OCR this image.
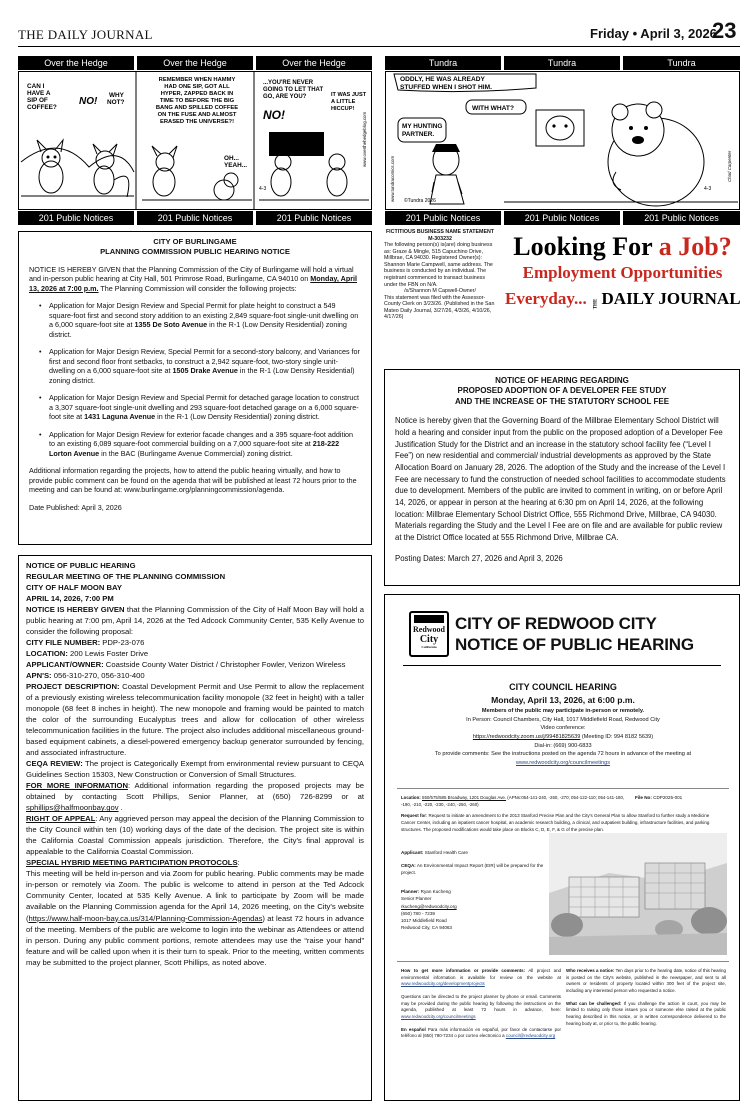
THE DAILY JOURNAL	Friday • April 3, 2026
23
Over the Hedge	Over the Hedge	Over the Hedge	Tundra	Tundra	Tundra
CAN I HAVE A SIP OF COFFEE?
NO!
WHY NOT?
REMEMBER WHEN HAMMY HAD ONE SIP, GOT ALL HYPER, ZAPPED BACK IN TIME TO BEFORE THE BIG BANG AND SPILLED COFFEE ON THE FUSE AND ALMOST ERASED THE UNIVERSE?!
OH... YEAH...
...YOU'RE NEVER GOING TO LET THAT GO, ARE YOU?
NO!
IT WAS JUST A LITTLE HICCUP!
4-3
www.overthehedgeblog.com
ODDLY, HE WAS ALREADY STUFFED WHEN I SHOT HIM.
WITH WHAT?
MY HUNTING PARTNER.
©Tundra 2026
4-3
Chad Carpenter
www.tundracomics.com
201 Public Notices	201 Public Notices	201 Public Notices	201 Public Notices	201 Public Notices	201 Public Notices

CITY OF BURLINGAME

PLANNING COMMISSION PUBLIC HEARING NOTICE

NOTICE IS HEREBY GIVEN that the Planning Commission of the City of Burlingame will hold a virtual and in-person public hearing at City Hall, 501 Primrose Road, Burlingame, CA 94010 on Monday, April 13, 2026 at 7:00 p.m. The Planning Commission will consider the following projects:

•	Application for Major Design Review and Special Permit for plate height to construct a 549 square-foot first and second story addition to an existing 2,849 square-foot single-unit dwelling on a 6,000 square-foot site at 1355 De Soto Avenue in the R-1 (Low Density Residential) zoning district.
•	Application for Major Design Review, Special Permit for a second-story balcony, and Variances for first and second floor front setbacks, to construct a 2,942 square-foot, two-story single unit-dwelling on a 6,000 square-foot site at 1505 Drake Avenue in the R-1 (Low Density Residential) zoning district.
•	Application for Major Design Review and Special Permit for detached garage location to construct a 3,307 square-foot single-unit dwelling and 293 square-foot detached garage on a 6,000 square-foot site at 1431 Laguna Avenue in the R-1 (Low Density Residential) zoning district.
•	Application for Major Design Review for exterior facade changes and a 395 square-foot addition to an existing 6,089 square-foot commercial building on a 7,000 square-foot site at 218-222 Lorton Avenue in the BAC (Burlingame Avenue Commercial) zoning district.

Additional information regarding the projects, how to attend the public hearing virtually, and how to provide public comment can be found on the agenda that will be published at least 72 hours prior to the meeting and can be found at: www.burlingame.org/planningcommission/agenda.

Date Published: April 3, 2026

FICTITIOUS BUSINESS NAME STATEMENT M-303232

The following person(s) is(are) doing business as: Graze & Mingle, 515 Capuchino Drive, Millbrae, CA 94030. Registered Owner(s): Shannon Marie Campwell, same address. The business is conducted by an individual. The registrant commenced to transact business under the FBN on N/A.

/s/Shannon M Capwell-Owner/

This statement was filed with the Assessor-County Clerk on 3/23/26. (Published in the San Mateo Daily Journal, 3/27/26, 4/3/26, 4/10/26, 4/17/26)

Looking For a Job?
Employment Opportunities
Everyday... THE DAILY JOURNAL

NOTICE OF HEARING REGARDING

PROPOSED ADOPTION OF A DEVELOPER FEE STUDY

AND THE INCREASE OF THE STATUTORY SCHOOL FEE

Notice is hereby given that the Governing Board of the Millbrae Elementary School District will hold a hearing and consider input from the public on the proposed adoption of a Developer Fee Justification Study for the District and an increase in the statutory school facility fee (“Level I Fee”) on new residential and commercial/ industrial developments as approved by the State Allocation Board on January 28, 2026. The adoption of the Study and the increase of the Level I Fee are necessary to fund the construction of needed school facilities to accommodate students due to development. Members of the public are invited to comment in writing, on or before April 14, 2026, or appear in person at the hearing at 6:30 pm on April 14, 2026, at the following location: Millbrae Elementary School District Office, 555 Richmond Drive, Millbrae, CA 94030. Materials regarding the Study and the Level I Fee are on file and are available for public review at the District Office located at 555 Richmond Drive, Millbrae CA.

Posting Dates: March 27, 2026 and April 3, 2026

NOTICE OF PUBLIC HEARING

REGULAR MEETING OF THE PLANNING COMMISSION

CITY OF HALF MOON BAY

APRIL 14, 2026, 7:00 PM

NOTICE IS HEREBY GIVEN that the Planning Commission of the City of Half Moon Bay will hold a public hearing at 7:00 pm, April 14, 2026 at the Ted Adcock Community Center, 535 Kelly Avenue to consider the following proposal:

CITY FILE NUMBER: PDP-23-076

LOCATION: 200 Lewis Foster Drive

APPLICANT/OWNER: Coastside County Water District / Christopher Fowler, Verizon Wireless

APN'S: 056-310-270, 056-310-400

PROJECT DESCRIPTION: Coastal Development Permit and Use Permit to allow the replacement of a previously existing wireless telecommunication facility monopole (32 feet in height) with a taller monopole (68 feet 8 inches in height). The new monopole and framing would be painted to match the color of the surrounding Eucalyptus trees and allow for collocation of other wireless telecommunication facilities in the future. The project also includes additional miscellaneous ground-based equipment cabinets, a diesel-powered emergency backup generator surrounded by fencing, and associated infrastructure.

CEQA REVIEW: The project is Categorically Exempt from environmental review pursuant to CEQA Guidelines Section 15303, New Construction or Conversion of Small Structures.

FOR MORE INFORMATION: Additional information regarding the proposed projects may be obtained by contacting Scott Phillips, Senior Planner, at (650) 726-8299 or at sphillips@halfmoonbay.gov .

RIGHT OF APPEAL: Any aggrieved person may appeal the decision of the Planning Commission to the City Council within ten (10) working days of the date of the decision. The project site is within the California Coastal Commission appeals jurisdiction. Therefore, the City's final approval is appealable to the California Coastal Commission.

SPECIAL HYBRID MEETING PARTICIPATION PROTOCOLS:

This meeting will be held in-person and via Zoom for public hearing. Public comments may be made in-person or remotely via Zoom. The public is welcome to attend in person at the Ted Adcock Community Center, located at 535 Kelly Avenue. A link to participate by Zoom will be made available on the Planning Commission agenda for the April 14, 2026 meeting, on the City's website (https://www.half-moon-bay.ca.us/314/Planning-Commission-Agendas) at least 72 hours in advance of the meeting. Members of the public are welcome to login into the webinar as Attendees or attend in person. During any public comment portions, remote attendees may use the “raise your hand” feature and will be called upon when it is their turn to speak. Prior to the meeting, written comments may be submitted to the project planner, Scott Phillips, as noted above.

Redwood
City
California
CITY OF REDWOOD CITY
NOTICE OF PUBLIC HEARING
CITY COUNCIL HEARING
Monday, April 13, 2026, at 6:00 p.m.
Members of the public may participate in-person or remotely.
In Person: Council Chambers, City Hall, 1017 Middlefield Road, Redwood City
Video conference:
https://redwoodcity.zoom.us/j/99481825639 (Meeting ID: 994 8182 5639)
Dial-in: (669) 900-6833
To provide comments: See the instructions posted on the agenda 72 hours in advance of the meeting at
www.redwoodcity.org/councilmeetings
Location: 550/575/585 Broadway, 1201 Douglas Ave. (APNs:054-141-240, -260, -270; 054-122-110; 054-141-180, -190, -210, -220, -230, -240, -250, -260)
File No: CDP2025-001
Request for: Request to initiate an amendment to the 2013 Stanford Precise Plan and the City's General Plan to allow Stanford to further study a Medicine Cancer Center, including an inpatient cancer hospital, an academic research building, a clinical, and outpatient building, infrastructure facilities, and parking structures. The proposed modifications would take place on Blocks C, D, E, F, & G of the precise plan.

Applicant: Stanford Health Care

CEQA: An Environmental Impact Report (EIR) will be prepared for the project.

Planner: Ryan Kucheng

Senior Planner

rkucheng@redwoodcity.org

(650) 780 - 7239

1017 Middlefield Road

Redwood City, CA 94063

How to get more information or provide comments: All project and environmental information is available for review on the website at www.redwoodcity.org/developmentprojects

Questions can be directed to the project planner by phone or email. Comments may be provided during the public hearing by following the instructions on the agenda, published at least 72 hours in advance, here: www.redwoodcity.org/councilmeetings

En español Para más información en español, por favor de contactarse por teléfono al (650) 780-7234 o por correo electronico a council@redwoodcity.org

Who receives a notice: Ten days prior to the hearing date, notice of this hearing is posted on the City's website, published in the newspaper, and sent to all owners or residents of property located within 300 feet of the project site, including any interested person who requested a notice.

What can be challenged: If you challenge the action in court, you may be limited to raising only those issues you or someone else raised at the public hearing described in this notice, or in written correspondence delivered to the hearing body at, or prior to, the public hearing.
